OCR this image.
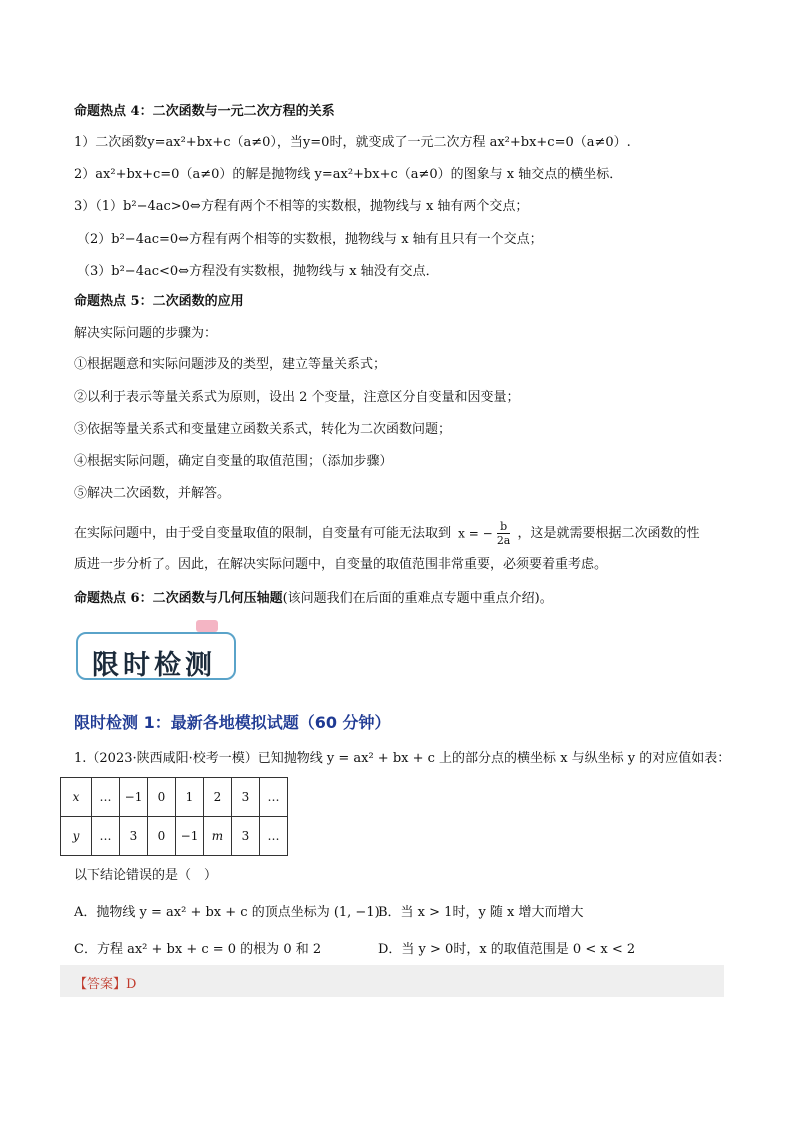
命题热点 4：二次函数与一元二次方程的关系
1）二次函数y=ax²+bx+c（a≠0），当y=0时，就变成了一元二次方程 ax²+bx+c=0（a≠0）.
2）ax²+bx+c=0（a≠0）的解是抛物线 y=ax²+bx+c（a≠0）的图象与 x 轴交点的横坐标．
3）（1）b²−4ac>0⇔方程有两个不相等的实数根，抛物线与 x 轴有两个交点；
（2）b²−4ac=0⇔方程有两个相等的实数根，抛物线与 x 轴有且只有一个交点；
（3）b²−4ac<0⇔方程没有实数根，抛物线与 x 轴没有交点．
命题热点 5：二次函数的应用
解决实际问题的步骤为：
①根据题意和实际问题涉及的类型，建立等量关系式；
②以利于表示等量关系式为原则，设出 2 个变量，注意区分自变量和因变量；
③依据等量关系式和变量建立函数关系式，转化为二次函数问题；
④根据实际问题，确定自变量的取值范围；（添加步骤）
⑤解决二次函数，并解答。
在实际问题中，由于受自变量取值的限制，自变量有可能无法取到 x = − $\frac{b}{2a}$ ，这是就需要根据二次函数的性
质进一步分析了。因此，在解决实际问题中，自变量的取值范围非常重要，必须要着重考虑。
命题热点 6：二次函数与几何压轴题(该问题我们在后面的重难点专题中重点介绍)。
限时检测
限时检测 1：最新各地模拟试题（60 分钟）
1.（2023·陕西咸阳·校考一模）已知抛物线 y = ax² + bx + c 上的部分点的横坐标 x 与纵坐标 y 的对应值如表：
x	…	−1	0	1	2	3	…
y	…	3	0	−1	m	3	…
以下结论错误的是（　）
A．抛物线 y = ax² + bx + c 的顶点坐标为 (1, −1)
B．当 x > 1时，y 随 x 增大而增大
C．方程 ax² + bx + c = 0 的根为 0 和 2	D．当 y > 0时，x 的取值范围是 0 < x < 2
【答案】D
